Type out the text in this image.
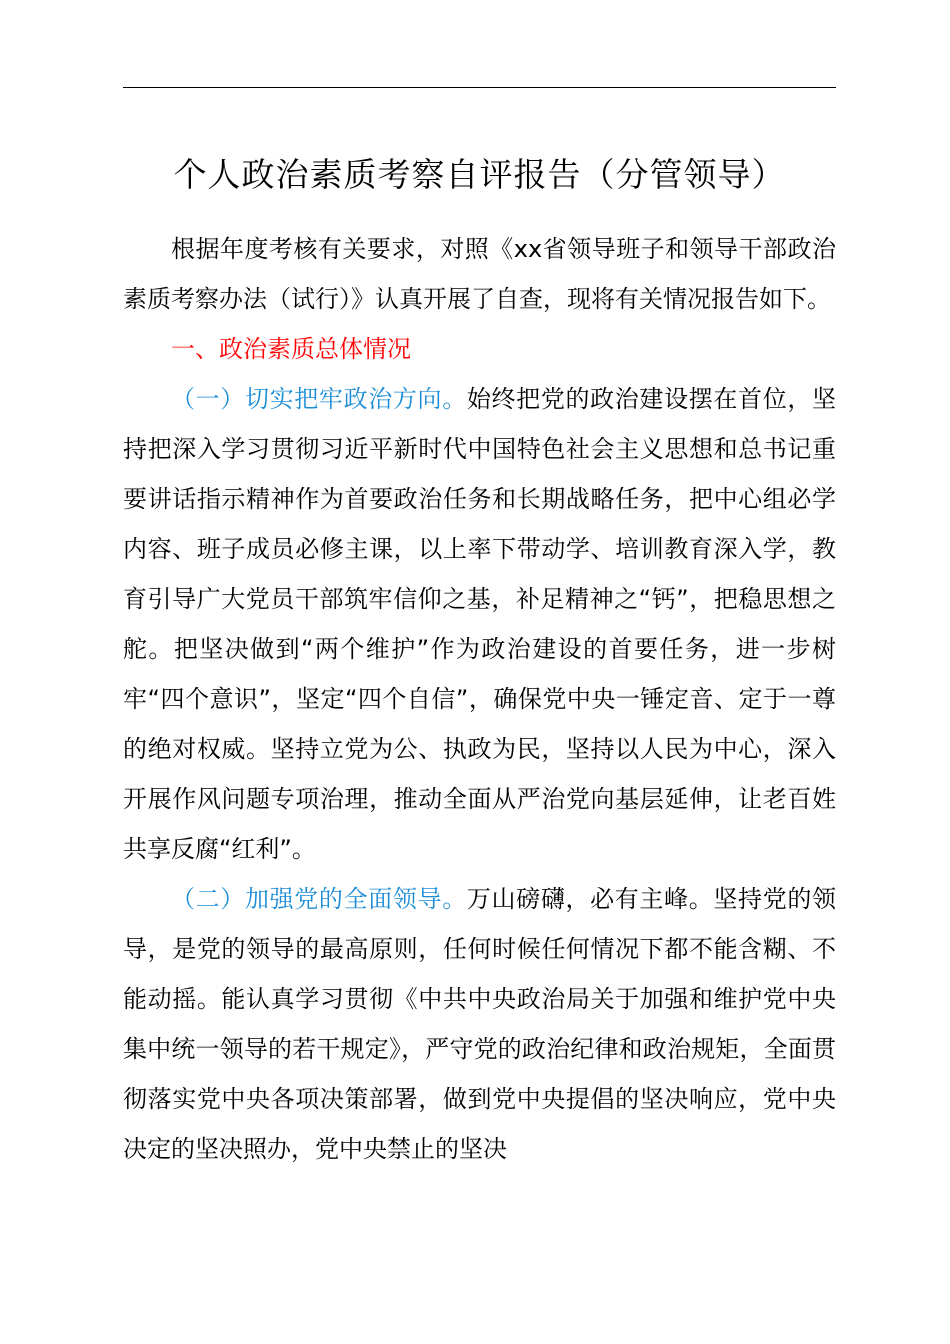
个人政治素质考察自评报告（分管领导）

根据年度考核有关要求，对照《xx省领导班子和领导干部政治素质考察办法（试行）》认真开展了自查，现将有关情况报告如下。

一、政治素质总体情况

（一）切实把牢政治方向。始终把党的政治建设摆在首位，坚持把深入学习贯彻习近平新时代中国特色社会主义思想和总书记重要讲话指示精神作为首要政治任务和长期战略任务，把中心组必学内容、班子成员必修主课，以上率下带动学、培训教育深入学，教育引导广大党员干部筑牢信仰之基，补足精神之“钙”，把稳思想之舵。把坚决做到“两个维护”作为政治建设的首要任务，进一步树牢“四个意识”，坚定“四个自信”，确保党中央一锤定音、定于一尊的绝对权威。坚持立党为公、执政为民，坚持以人民为中心，深入开展作风问题专项治理，推动全面从严治党向基层延伸，让老百姓共享反腐“红利”。

（二）加强党的全面领导。万山磅礴，必有主峰。坚持党的领导，是党的领导的最高原则，任何时候任何情况下都不能含糊、不能动摇。能认真学习贯彻《中共中央政治局关于加强和维护党中央集中统一领导的若干规定》，严守党的政治纪律和政治规矩，全面贯彻落实党中央各项决策部署，做到党中央提倡的坚决响应，党中央决定的坚决照办，党中央禁止的坚决
